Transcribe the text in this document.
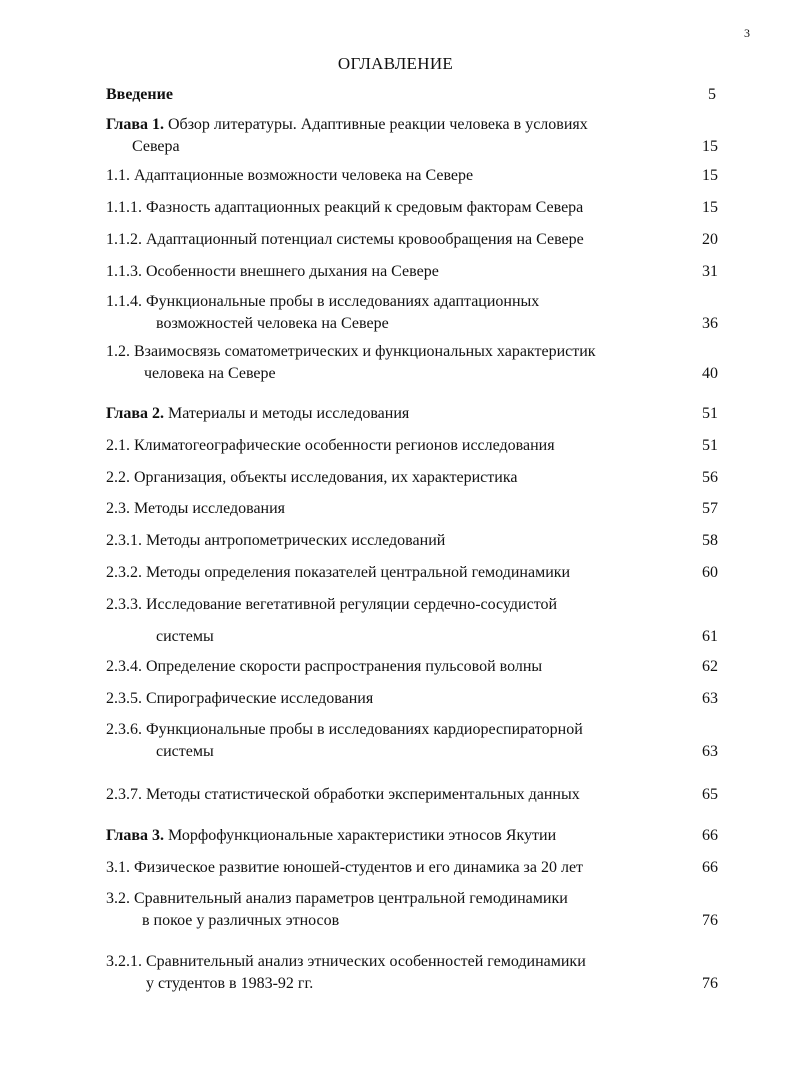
3
ОГЛАВЛЕНИЕ
Введение	5
Глава 1. Обзор литературы. Адаптивные реакции человека в условиях
Севера	15
1.1. Адаптационные возможности человека на Севере	15
1.1.1. Фазность адаптационных реакций к средовым факторам Севера	15
1.1.2. Адаптационный потенциал системы кровообращения на Севере	20
1.1.3. Особенности внешнего дыхания на Севере	31
1.1.4. Функциональные пробы в исследованиях адаптационных
возможностей человека на Севере	36
1.2. Взаимосвязь соматометрических и функциональных характеристик
человека на Севере	40
Глава 2. Материалы и методы исследования	51
2.1. Климатогеографические особенности регионов исследования	51
2.2. Организация, объекты исследования, их характеристика	56
2.3. Методы исследования	57
2.3.1. Методы антропометрических исследований	58
2.3.2. Методы определения показателей центральной гемодинамики	60
2.3.3. Исследование вегетативной регуляции сердечно-сосудистой
системы	61
2.3.4. Определение скорости распространения пульсовой волны	62
2.3.5. Спирографические исследования	63
2.3.6. Функциональные пробы в исследованиях кардиореспираторной
системы	63
2.3.7. Методы статистической обработки экспериментальных данных	65
Глава 3. Морфофункциональные характеристики этносов Якутии	66
3.1. Физическое развитие юношей-студентов и его динамика за 20 лет	66
3.2. Сравнительный анализ параметров центральной гемодинамики
в покое у различных этносов	76
3.2.1. Сравнительный анализ этнических особенностей гемодинамики
у студентов в 1983-92 гг.	76
